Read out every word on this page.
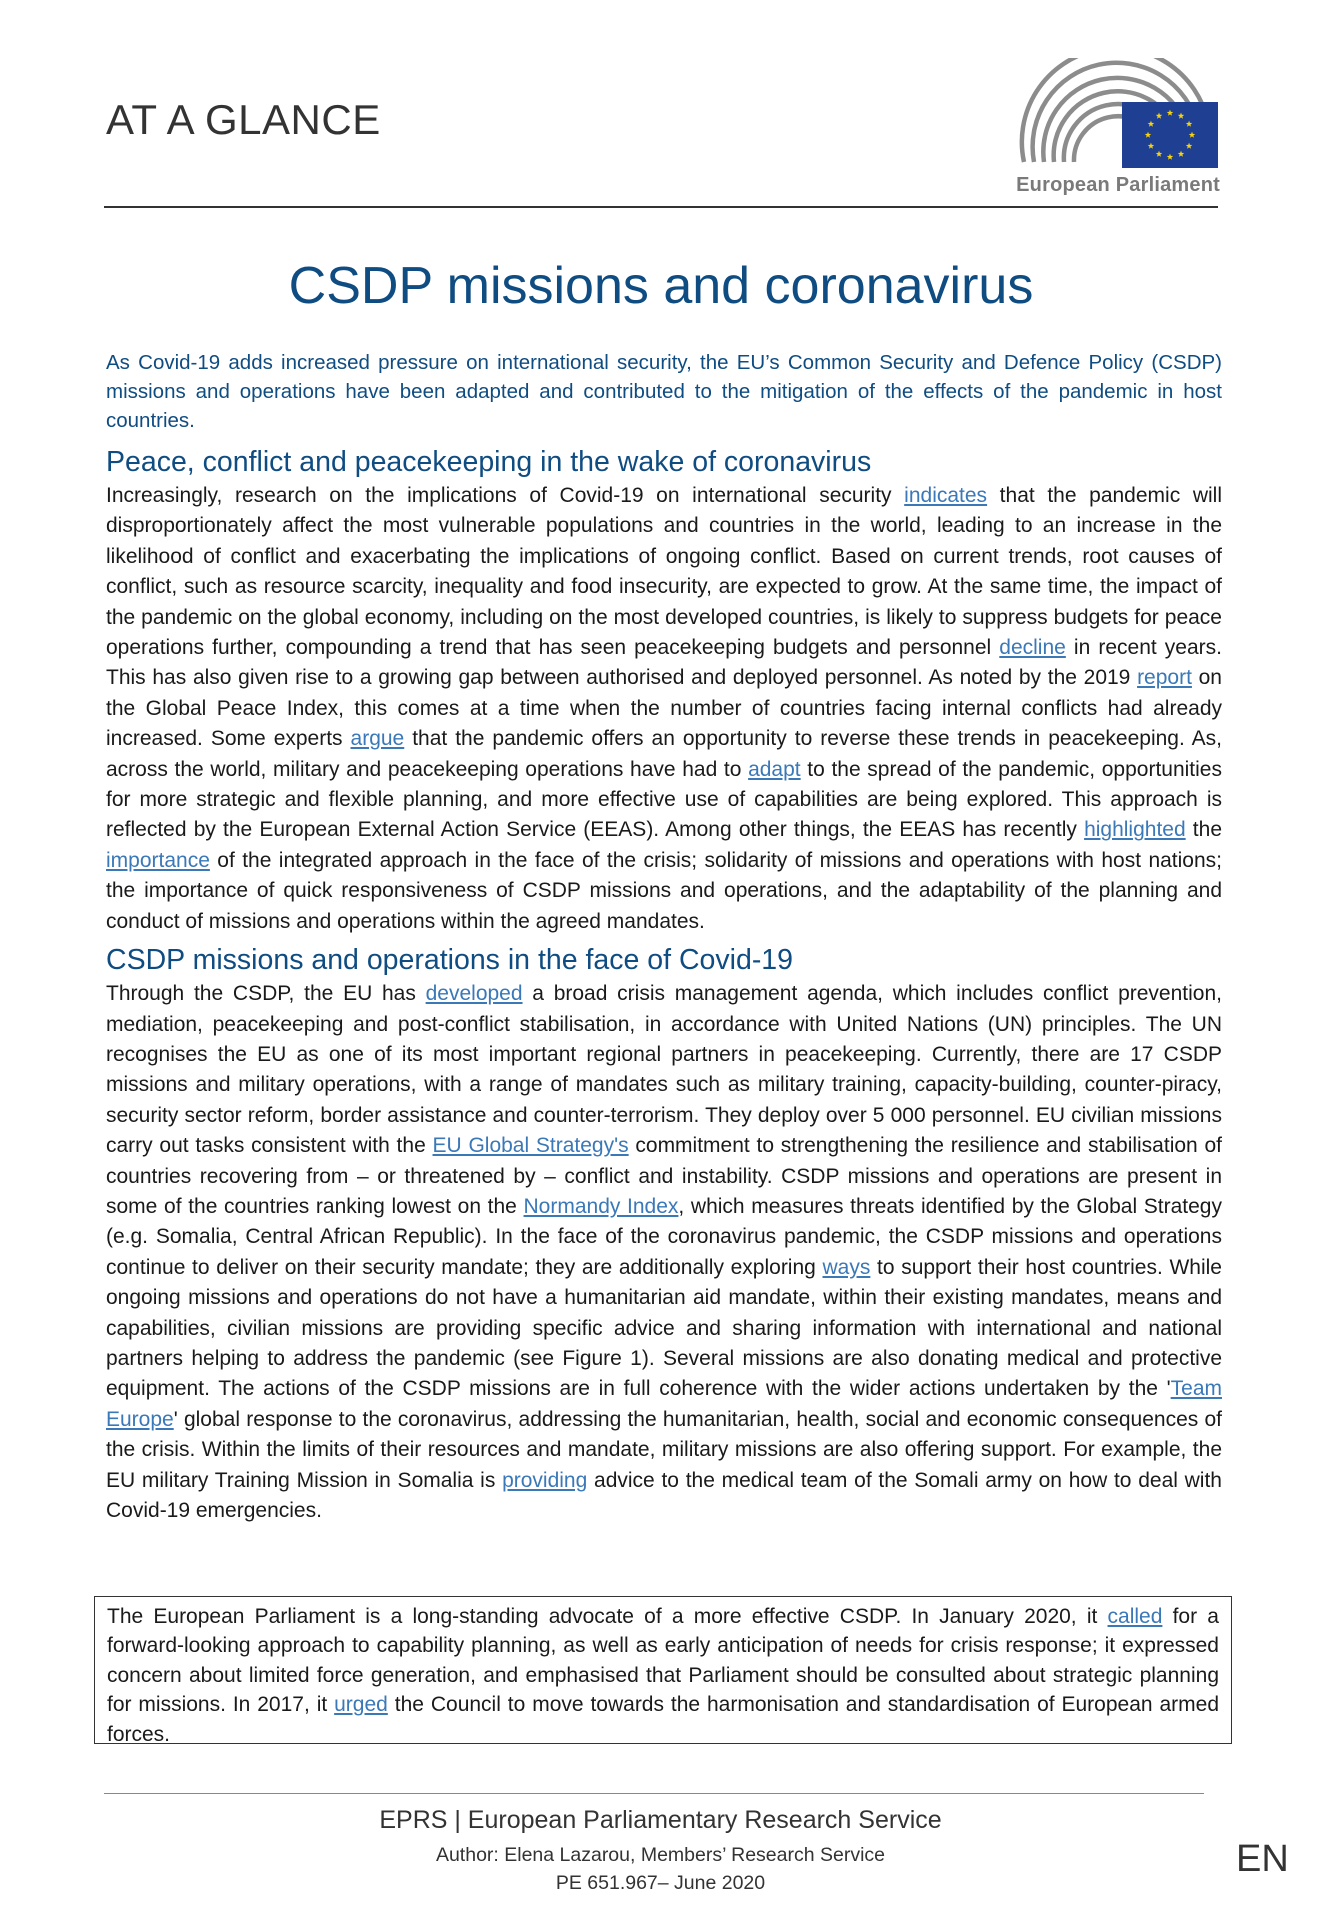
AT A GLANCE
European Parliament
CSDP missions and coronavirus

As Covid-19 adds increased pressure on international security, the EU’s Common Security and Defence Policy (CSDP) missions and operations have been adapted and contributed to the mitigation of the effects of the pandemic in host countries.

Peace, conflict and peacekeeping in the wake of coronavirus

Increasingly, research on the implications of Covid-19 on international security indicates that the pandemic will disproportionately affect the most vulnerable populations and countries in the world, leading to an increase in the likelihood of conflict and exacerbating the implications of ongoing conflict. Based on current trends, root causes of conflict, such as resource scarcity, inequality and food insecurity, are expected to grow. At the same time, the impact of the pandemic on the global economy, including on the most developed countries, is likely to suppress budgets for peace operations further, compounding a trend that has seen peacekeeping budgets and personnel decline in recent years. This has also given rise to a growing gap between authorised and deployed personnel. As noted by the 2019 report on the Global Peace Index, this comes at a time when the number of countries facing internal conflicts had already increased. Some experts argue that the pandemic offers an opportunity to reverse these trends in peacekeeping. As, across the world, military and peacekeeping operations have had to adapt to the spread of the pandemic, opportunities for more strategic and flexible planning, and more effective use of capabilities are being explored. This approach is reflected by the European External Action Service (EEAS). Among other things, the EEAS has recently highlighted the importance of the integrated approach in the face of the crisis; solidarity of missions and operations with host nations; the importance of quick responsiveness of CSDP missions and operations, and the adaptability of the planning and conduct of missions and operations within the agreed mandates.

CSDP missions and operations in the face of Covid-19

Through the CSDP, the EU has developed a broad crisis management agenda, which includes conflict prevention, mediation, peacekeeping and post-conflict stabilisation, in accordance with United Nations (UN) principles. The UN recognises the EU as one of its most important regional partners in peacekeeping. Currently, there are 17 CSDP missions and military operations, with a range of mandates such as military training, capacity-building, counter-piracy, security sector reform, border assistance and counter-terrorism. They deploy over 5 000 personnel. EU civilian missions carry out tasks consistent with the EU Global Strategy's commitment to strengthening the resilience and stabilisation of countries recovering from – or threatened by – conflict and instability. CSDP missions and operations are present in some of the countries ranking lowest on the Normandy Index, which measures threats identified by the Global Strategy (e.g. Somalia, Central African Republic). In the face of the coronavirus pandemic, the CSDP missions and operations continue to deliver on their security mandate; they are additionally exploring ways to support their host countries. While ongoing missions and operations do not have a humanitarian aid mandate, within their existing mandates, means and capabilities, civilian missions are providing specific advice and sharing information with international and national partners helping to address the pandemic (see Figure 1). Several missions are also donating medical and protective equipment. The actions of the CSDP missions are in full coherence with the wider actions undertaken by the 'Team Europe' global response to the coronavirus, addressing the humanitarian, health, social and economic consequences of the crisis. Within the limits of their resources and mandate, military missions are also offering support. For example, the EU military Training Mission in Somalia is providing advice to the medical team of the Somali army on how to deal with Covid-19 emergencies.

The European Parliament is a long-standing advocate of a more effective CSDP. In January 2020, it called for a forward-looking approach to capability planning, as well as early anticipation of needs for crisis response; it expressed concern about limited force generation, and emphasised that Parliament should be consulted about strategic planning for missions. In 2017, it urged the Council to move towards the harmonisation and standardisation of European armed forces.

EPRS | European Parliamentary Research Service
Author: Elena Lazarou, Members’ Research Service
PE 651.967– June 2020
EN
